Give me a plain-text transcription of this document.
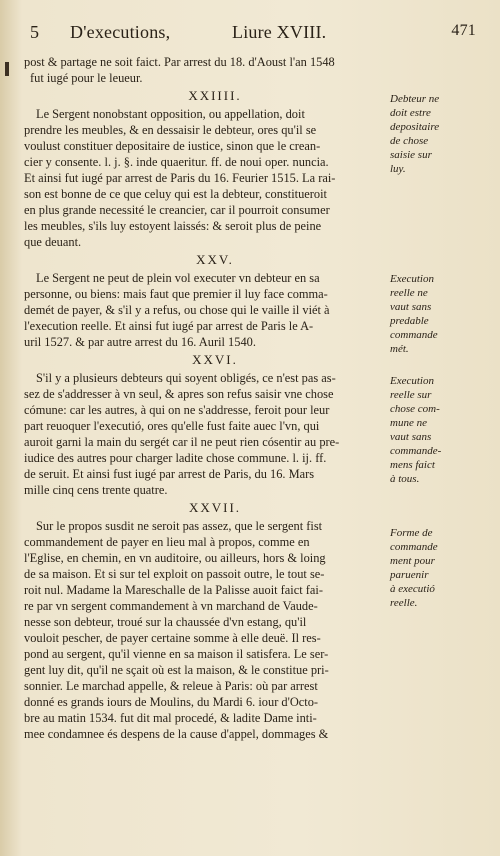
5 D'executions,	Liure XVIII.	471

post & partage ne soit faict. Par arrest du 18. d'Aoust l'an 1548
fut iugé pour le leueur.

XXIIII.

Le Sergent nonobstant opposition, ou appellation, doit
prendre les meubles, & en dessaisir le debteur, ores qu'il se
voulust constituer depositaire de iustice, sinon que le crean-
cier y consente. l. j. §. inde quaeritur. ff. de noui oper. nuncia.
Et ainsi fut iugé par arrest de Paris du 16. Feurier 1515. La rai-
son est bonne de ce que celuy qui est la debteur, constitueroit
en plus grande necessité le creancier, car il pourroit consumer
les meubles, s'ils luy estoyent laissés: & seroit plus de peine
que deuant.

XXV.

Le Sergent ne peut de plein vol executer vn debteur en sa
personne, ou biens: mais faut que premier il luy face comma-
demét de payer, & s'il y a refus, ou chose qui le vaille il viét à
l'execution reelle. Et ainsi fut iugé par arrest de Paris le A-
uril 1527. & par autre arrest du 16. Auril 1540.

XXVI.

S'il y a plusieurs debteurs qui soyent obligés, ce n'est pas as-
sez de s'addresser à vn seul, & apres son refus saisir vne chose
cómune: car les autres, à qui on ne s'addresse, feroit pour leur
part reuoquer l'executió, ores qu'elle fust faite auec l'vn, qui
auroit garni la main du sergét car il ne peut rien cósentir au pre-
iudice des autres pour charger ladite chose commune. l. ij. ff.
de seruit. Et ainsi fust iugé par arrest de Paris, du 16. Mars
mille cinq cens trente quatre.

XXVII.

Sur le propos susdit ne seroit pas assez, que le sergent fist
commandement de payer en lieu mal à propos, comme en
l'Eglise, en chemin, en vn auditoire, ou ailleurs, hors & loing
de sa maison. Et si sur tel exploit on passoit outre, le tout se-
roit nul. Madame la Mareschalle de la Palisse auoit faict fai-
re par vn sergent commandement à vn marchand de Vaude-
nesse son debteur, troué sur la chaussée d'vn estang, qu'il
vouloit pescher, de payer certaine somme à elle deuë. Il res-
pond au sergent, qu'il vienne en sa maison il satisfera. Le ser-
gent luy dit, qu'il ne sçait où est la maison, & le constitue pri-
sonnier. Le marchad appelle, & releue à Paris: où par arrest
donné es grands iours de Moulins, du Mardi 6. iour d'Octo-
bre au matin 1534. fut dit mal procedé, & ladite Dame inti-
mee condamnee és despens de la cause d'appel, dommages &

Debteur ne
doit estre
depositaire
de chose
saisie sur
luy.
Execution
reelle ne
vaut sans
predable
commande
mét.
Execution
reelle sur
chose com-
mune ne
vaut sans
commande-
mens faict
à tous.
Forme de
commande
ment pour
paruenir
à executió
reelle.
